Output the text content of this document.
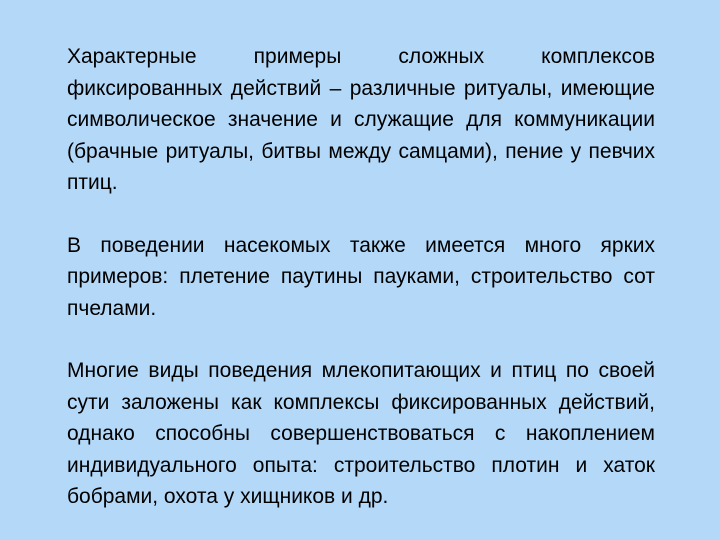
Характерные примеры сложных комплексов фиксированных действий – различные ритуалы, имеющие символическое значение и служащие для коммуникации (брачные ритуалы, битвы между самцами), пение у певчих птиц.

В поведении насекомых также имеется много ярких примеров: плетение паутины пауками, строительство сот пчелами.

Многие виды поведения млекопитающих и птиц по своей сути заложены как комплексы фиксированных действий, однако способны совершенствоваться с накоплением индивидуального опыта: строительство плотин и хаток бобрами, охота у хищников и др.
